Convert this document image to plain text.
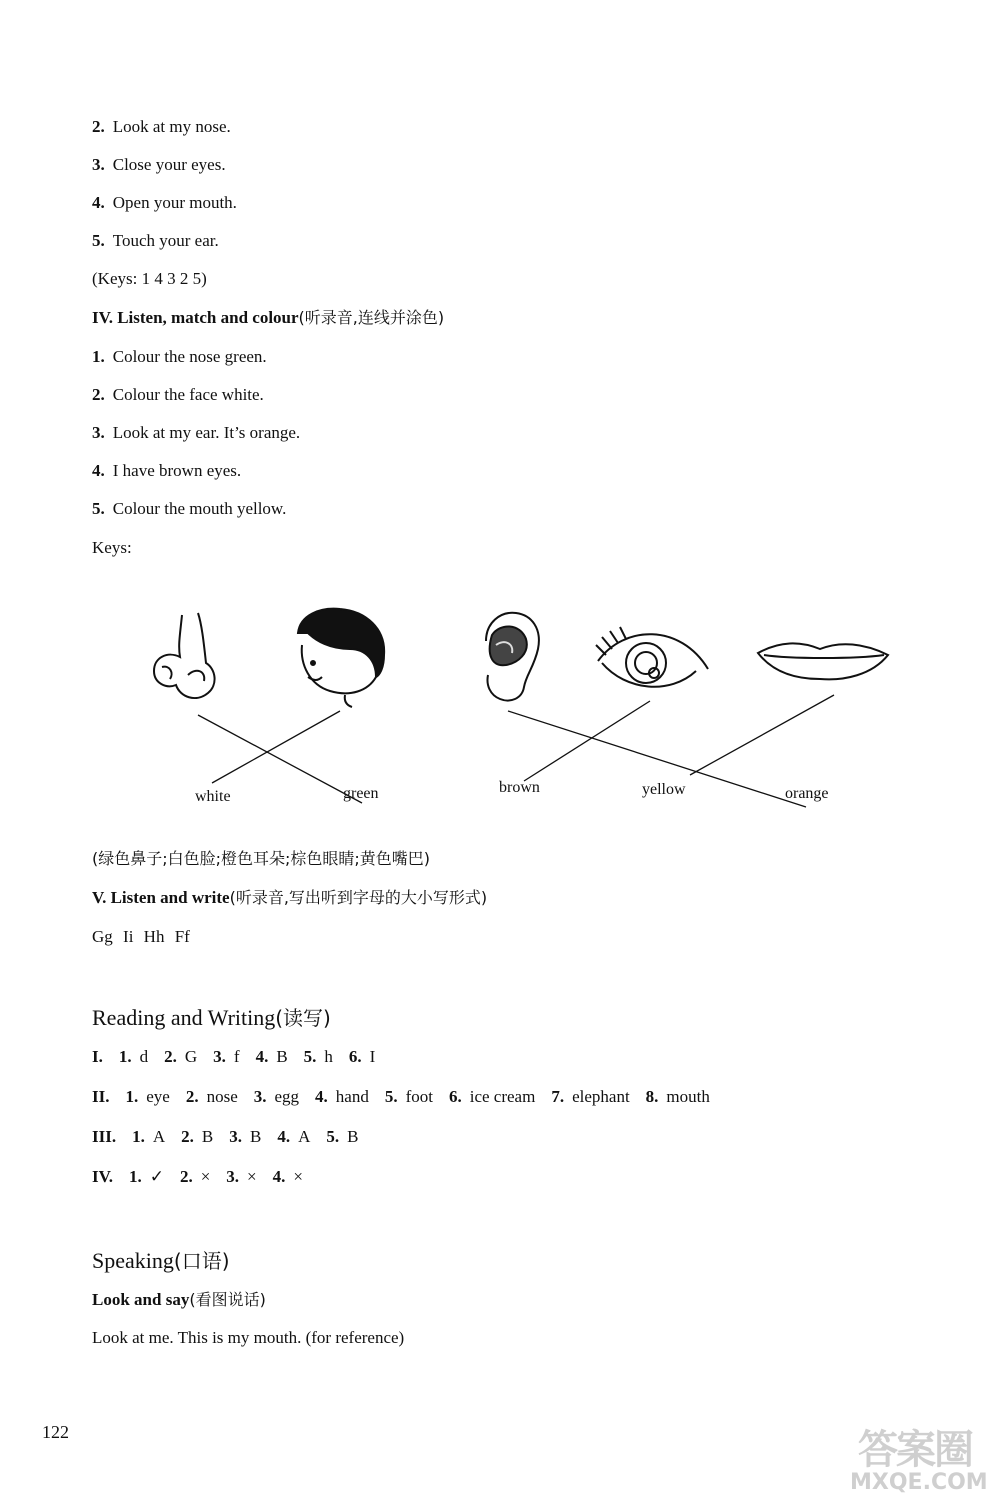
2. Look at my nose.
3. Close your eyes.
4. Open your mouth.
5. Touch your ear.
(Keys: 1 4 3 2 5)
IV. Listen, match and colour(听录音,连线并涂色)
1. Colour the nose green.
2. Colour the face white.
3. Look at my ear. It’s orange.
4. I have brown eyes.
5. Colour the mouth yellow.
Keys:
white	green	brown	yellow	orange
(绿色鼻子;白色脸;橙色耳朵;棕色眼睛;黄色嘴巴)
V. Listen and write(听录音,写出听到字母的大小写形式)
Gg Ii Hh Ff
Reading and Writing(读写)
I. 1. d 2. G 3. f 4. B 5. h 6. I
II. 1. eye 2. nose 3. egg 4. hand 5. foot 6. ice cream 7. elephant 8. mouth
III. 1. A 2. B 3. B 4. A 5. B
IV. 1. ✓ 2. × 3. × 4. ×
Speaking(口语)
Look and say(看图说话)
Look at me. This is my mouth. (for reference)
122	答案圈
MXQE.COM
